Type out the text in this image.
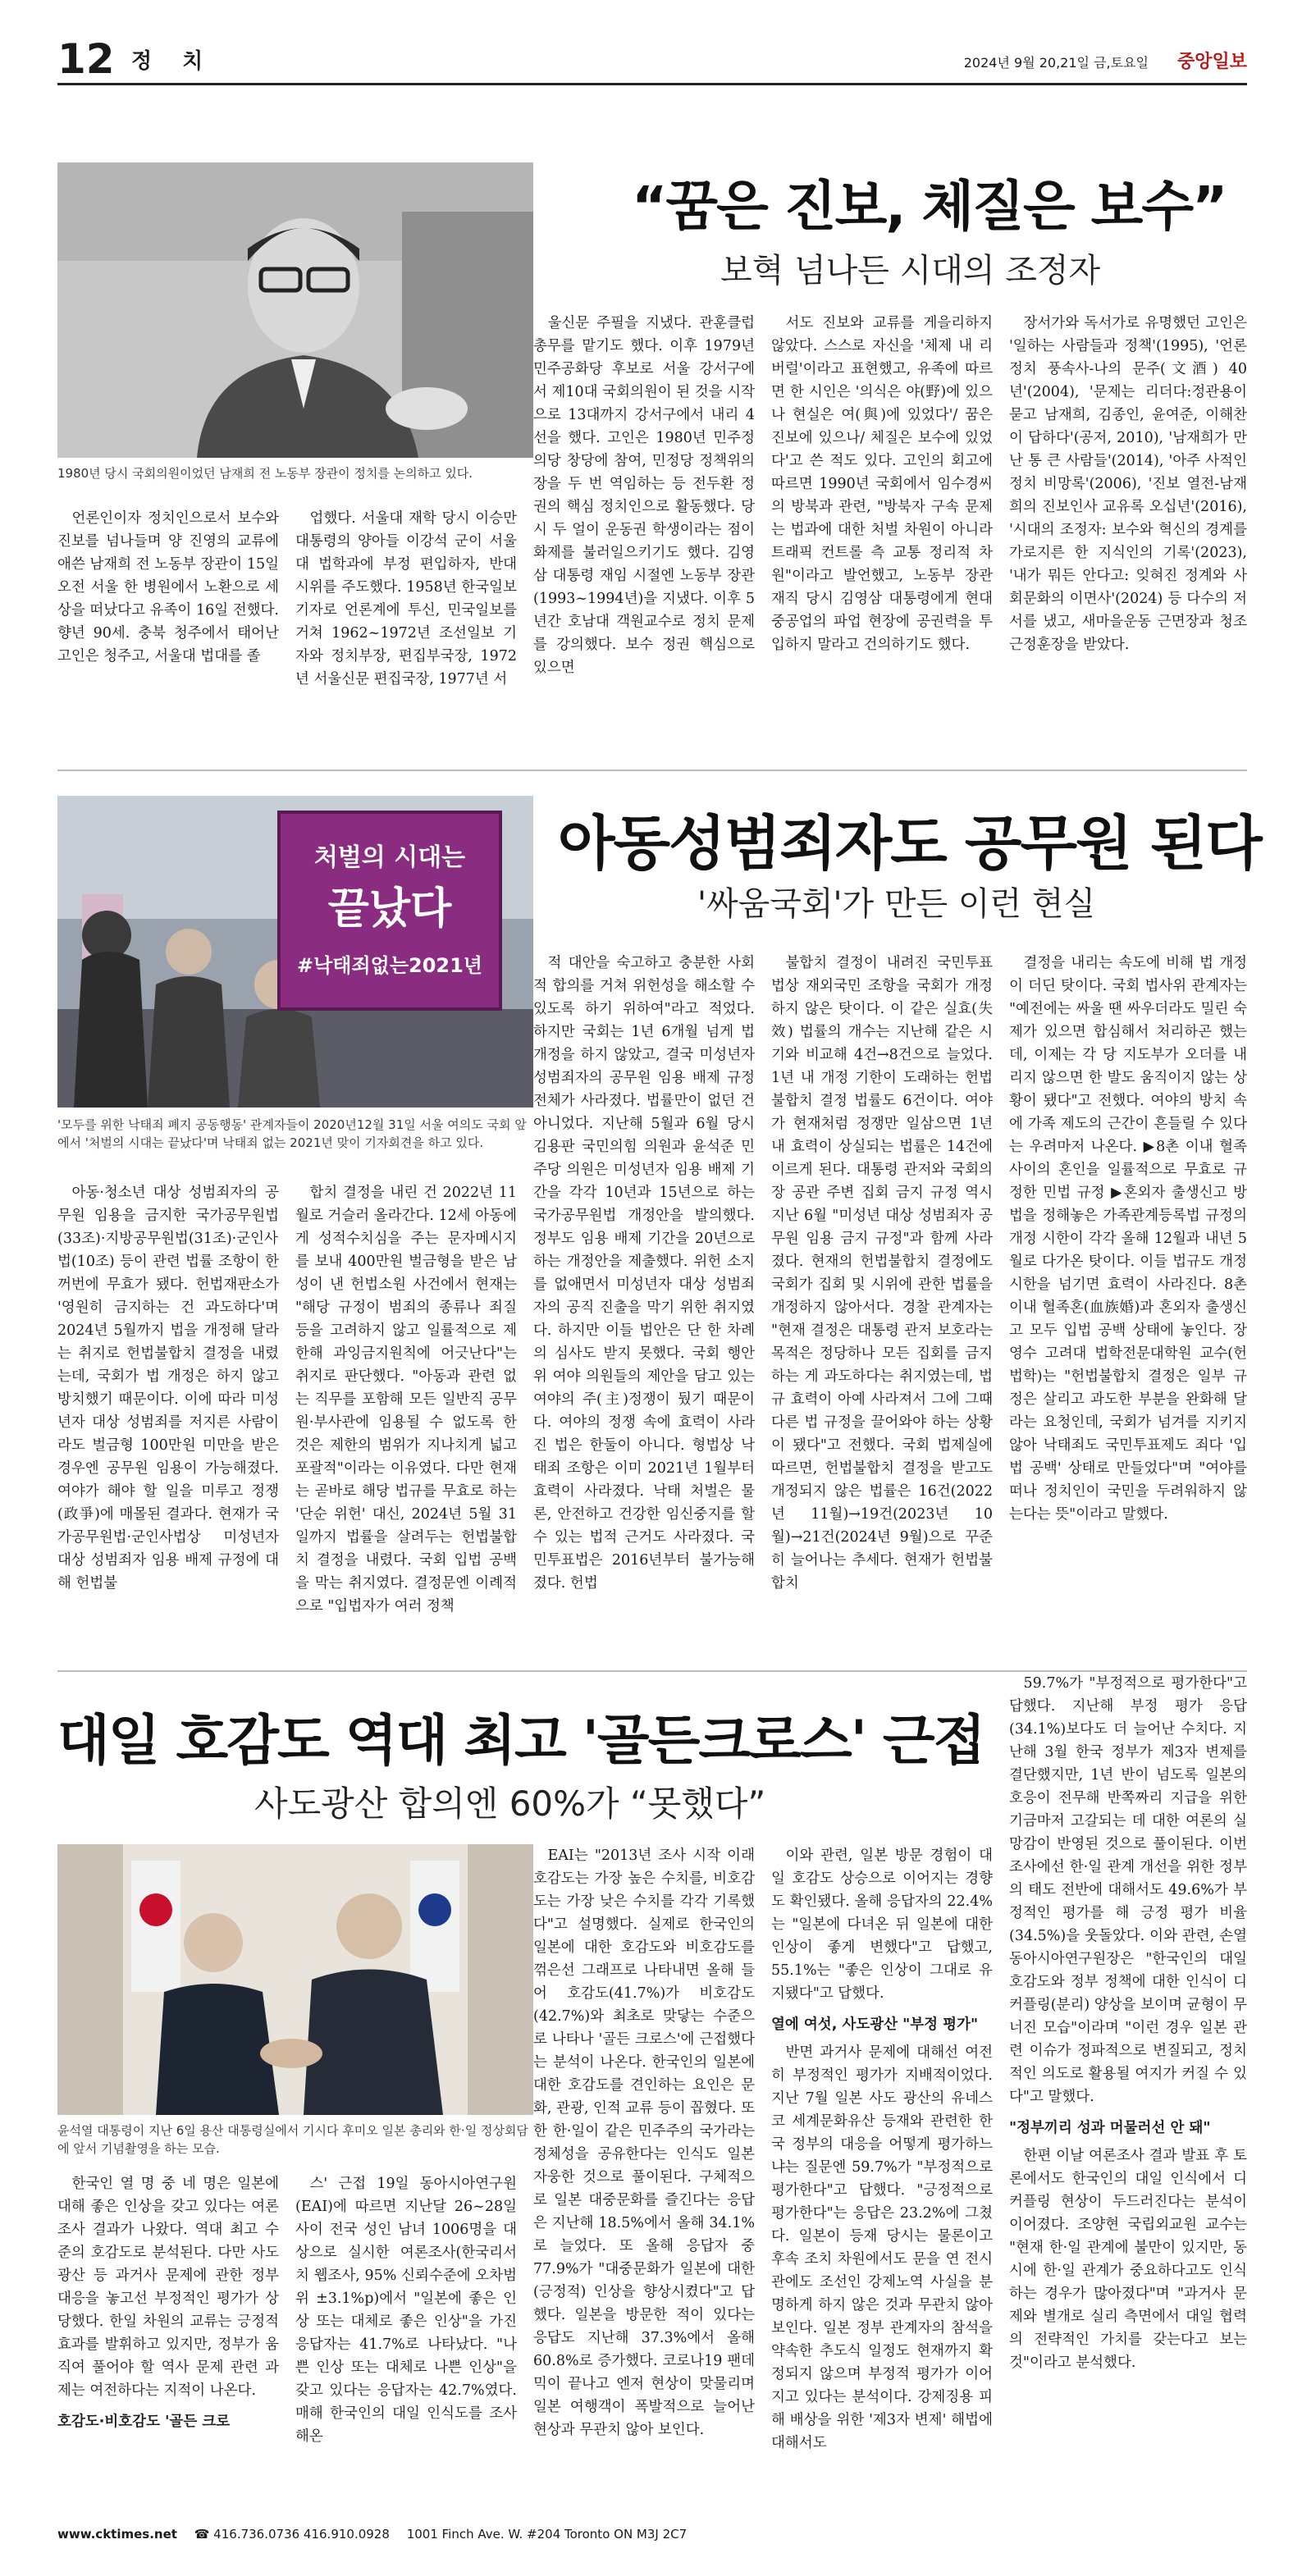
12 정 치	2024년 9월 20,21일 금,토요일 중앙일보
1980년 당시 국회의원이었던 남재희 전 노동부 장관이 정치를 논의하고 있다.
“꿈은 진보, 체질은 보수”
보혁 넘나든 시대의 조정자

언론인이자 정치인으로서 보수와 진보를 넘나들며 양 진영의 교류에 애쓴 남재희 전 노동부 장관이 15일 오전 서울 한 병원에서 노환으로 세상을 떠났다고 유족이 16일 전했다. 향년 90세. 충북 청주에서 태어난 고인은 청주고, 서울대 법대를 졸

업했다. 서울대 재학 당시 이승만 대통령의 양아들 이강석 군이 서울대 법학과에 부정 편입하자, 반대 시위를 주도했다. 1958년 한국일보 기자로 언론계에 투신, 민국일보를 거쳐 1962~1972년 조선일보 기자와 정치부장, 편집부국장, 1972년 서울신문 편집국장, 1977년 서

울신문 주필을 지냈다. 관훈클럽 총무를 맡기도 했다. 이후 1979년 민주공화당 후보로 서울 강서구에서 제10대 국회의원이 된 것을 시작으로 13대까지 강서구에서 내리 4선을 했다. 고인은 1980년 민주정의당 창당에 참여, 민정당 정책위의장을 두 번 역임하는 등 전두환 정권의 핵심 정치인으로 활동했다. 당시 두 얼이 운동권 학생이라는 점이 화제를 불러일으키기도 했다. 김영삼 대통령 재임 시절엔 노동부 장관(1993~1994년)을 지냈다. 이후 5년간 호남대 객원교수로 정치 문제를 강의했다. 보수 정권 핵심으로 있으면

서도 진보와 교류를 게을리하지 않았다. 스스로 자신을 '체제 내 리버럴'이라고 표현했고, 유족에 따르면 한 시인은 '의식은 야(野)에 있으나 현실은 여(與)에 있었다'/ 꿈은 진보에 있으나/ 체질은 보수에 있었다'고 쓴 적도 있다. 고인의 회고에 따르면 1990년 국회에서 임수경씨의 방북과 관련, "방북자 구속 문제는 법과에 대한 처벌 차원이 아니라 트래픽 컨트롤 측 교통 정리적 차원"이라고 발언했고, 노동부 장관 재직 당시 김영삼 대통령에게 현대중공업의 파업 현장에 공권력을 투입하지 말라고 건의하기도 했다.

장서가와 독서가로 유명했던 고인은 '일하는 사람들과 정책'(1995), '언론 정치 풍속사-나의 문주(文酒) 40년'(2004), '문제는 리더다:정관용이 묻고 남재희, 김종인, 윤여준, 이해찬이 답하다'(공저, 2010), '남재희가 만난 통 큰 사람들'(2014), '아주 사적인 정치 비망록'(2006), '진보 열전-남재희의 진보인사 교유록 오십년'(2016), '시대의 조정자: 보수와 혁신의 경계를 가로지른 한 지식인의 기록'(2023), '내가 뭐든 안다고: 잊혀진 정계와 사회문화의 이면사'(2024) 등 다수의 저서를 냈고, 새마을운동 근면장과 청조근정훈장을 받았다.

처벌의 시대는
끝났다
#낙태죄없는2021년
'모두를 위한 낙태죄 폐지 공동행동' 관계자들이 2020년12월 31일 서울 여의도 국회 앞에서 '처벌의 시대는 끝났다'며 낙태죄 없는 2021년 맞이 기자회견을 하고 있다.
아동성범죄자도 공무원 된다
'싸움국회'가 만든 이런 현실

아동·청소년 대상 성범죄자의 공무원 임용을 금지한 국가공무원법(33조)·지방공무원법(31조)·군인사법(10조) 등이 관련 법률 조항이 한꺼번에 무효가 됐다. 헌법재판소가 '영원히 금지하는 건 과도하다'며 2024년 5월까지 법을 개정해 달라는 취지로 헌법불합치 결정을 내렸는데, 국회가 법 개정은 하지 않고 방치했기 때문이다. 이에 따라 미성년자 대상 성범죄를 저지른 사람이라도 벌금형 100만원 미만을 받은 경우엔 공무원 임용이 가능해졌다. 여야가 해야 할 일을 미루고 정쟁(政爭)에 매몰된 결과다. 현재가 국가공무원법·군인사법상 미성년자 대상 성범죄자 임용 배제 규정에 대해 헌법불

합치 결정을 내린 건 2022년 11월로 거슬러 올라간다. 12세 아동에게 성적수치심을 주는 문자메시지를 보내 400만원 벌금형을 받은 남성이 낸 헌법소원 사건에서 현재는 "해당 규정이 범죄의 종류나 죄질 등을 고려하지 않고 일률적으로 제한해 과잉금지원칙에 어긋난다"는 취지로 판단했다. "아동과 관련 없는 직무를 포함해 모든 일반직 공무원·부사관에 임용될 수 없도록 한 것은 제한의 범위가 지나치게 넓고 포괄적"이라는 이유였다. 다만 현재는 곧바로 해당 법규를 무효로 하는 '단순 위헌' 대신, 2024년 5월 31일까지 법률을 살려두는 헌법불합치 결정을 내렸다. 국회 입법 공백을 막는 취지였다. 결정문엔 이례적으로 "입법자가 여러 정책

적 대안을 숙고하고 충분한 사회적 합의를 거쳐 위헌성을 해소할 수 있도록 하기 위하여"라고 적었다. 하지만 국회는 1년 6개월 넘게 법 개정을 하지 않았고, 결국 미성년자 성범죄자의 공무원 임용 배제 규정 전체가 사라졌다. 법률만이 없던 건 아니었다. 지난해 5월과 6월 당시 김용판 국민의힘 의원과 윤석준 민주당 의원은 미성년자 임용 배제 기간을 각각 10년과 15년으로 하는 국가공무원법 개정안을 발의했다. 정부도 임용 배제 기간을 20년으로 하는 개정안을 제출했다. 위헌 소지를 없애면서 미성년자 대상 성범죄자의 공직 진출을 막기 위한 취지였다. 하지만 이들 법안은 단 한 차례의 심사도 받지 못했다. 국회 행안위 여야 의원들의 제안을 담고 있는 여야의 주(主)정쟁이 뒀기 때문이다. 여야의 정쟁 속에 효력이 사라진 법은 한둘이 아니다. 형법상 낙태죄 조항은 이미 2021년 1월부터 효력이 사라졌다. 낙태 처벌은 물론, 안전하고 건강한 임신중지를 할 수 있는 법적 근거도 사라졌다. 국민투표법은 2016년부터 불가능해졌다. 헌법

불합치 결정이 내려진 국민투표법상 재외국민 조항을 국회가 개정하지 않은 탓이다. 이 같은 실효(失效) 법률의 개수는 지난해 같은 시기와 비교해 4건→8건으로 늘었다. 1년 내 개정 기한이 도래하는 헌법불합치 결정 법률도 6건이다. 여야가 현재처럼 정쟁만 일삼으면 1년 내 효력이 상실되는 법률은 14건에 이르게 된다. 대통령 관저와 국회의장 공관 주변 집회 금지 규정 역시 지난 6월 "미성년 대상 성범죄자 공무원 임용 금지 규정"과 함께 사라졌다. 현재의 헌법불합치 결정에도 국회가 집회 및 시위에 관한 법률을 개정하지 않아서다. 경찰 관계자는 "현재 결정은 대통령 관저 보호라는 목적은 정당하나 모든 집회를 금지하는 게 과도하다는 취지였는데, 법규 효력이 아예 사라져서 그에 그때 다른 법 규정을 끌어와야 하는 상황이 됐다"고 전했다. 국회 법제실에 따르면, 헌법불합치 결정을 받고도 개정되지 않은 법률은 16건(2022년 11월)→19건(2023년 10월)→21건(2024년 9월)으로 꾸준히 늘어나는 추세다. 현재가 헌법불합치

결정을 내리는 속도에 비해 법 개정이 더딘 탓이다. 국회 법사위 관계자는 "예전에는 싸울 땐 싸우더라도 밀린 숙제가 있으면 합심해서 처리하곤 했는데, 이제는 각 당 지도부가 오더를 내리지 않으면 한 발도 움직이지 않는 상황이 됐다"고 전했다. 여야의 방치 속에 가족 제도의 근간이 흔들릴 수 있다는 우려마저 나온다. ▶8촌 이내 혈족 사이의 혼인을 일률적으로 무효로 규정한 민법 규정 ▶혼외자 출생신고 방법을 정해놓은 가족관계등록법 규정의 개정 시한이 각각 올해 12월과 내년 5월로 다가온 탓이다. 이들 법규도 개정 시한을 넘기면 효력이 사라진다. 8촌 이내 혈족혼(血族婚)과 혼외자 출생신고 모두 입법 공백 상태에 놓인다. 장영수 고려대 법학전문대학원 교수(헌법학)는 "헌법불합치 결정은 일부 규정은 살리고 과도한 부분을 완화해 달라는 요청인데, 국회가 넘겨를 지키지 않아 낙태죄도 국민투표제도 죄다 '입법 공백' 상태로 만들었다"며 "여야를 떠나 정치인이 국민을 두려워하지 않는다는 뜻"이라고 말했다.

대일 호감도 역대 최고 '골든크로스' 근접
사도광산 합의엔 60%가 “못했다”
윤석열 대통령이 지난 6일 용산 대통령실에서 기시다 후미오 일본 총리와 한·일 정상회담에 앞서 기념촬영을 하는 모습.

한국인 열 명 중 네 명은 일본에 대해 좋은 인상을 갖고 있다는 여론조사 결과가 나왔다. 역대 최고 수준의 호감도로 분석된다. 다만 사도 광산 등 과거사 문제에 관한 정부 대응을 놓고선 부정적인 평가가 상당했다. 한일 차원의 교류는 긍정적 효과를 발휘하고 있지만, 정부가 움직여 풀어야 할 역사 문제 관련 과제는 여전하다는 지적이 나온다.

호감도·비호감도 '골든 크로

스' 근접 19일 동아시아연구원(EAI)에 따르면 지난달 26~28일 사이 전국 성인 남녀 1006명을 대상으로 실시한 여론조사(한국리서치 웹조사, 95% 신뢰수준에 오차범위 ±3.1%p)에서 "일본에 좋은 인상 또는 대체로 좋은 인상"을 가진 응답자는 41.7%로 나타났다. "나쁜 인상 또는 대체로 나쁜 인상"을 갖고 있다는 응답자는 42.7%였다. 매해 한국인의 대일 인식도를 조사해온

EAI는 "2013년 조사 시작 이래 호감도는 가장 높은 수치를, 비호감도는 가장 낮은 수치를 각각 기록했다"고 설명했다. 실제로 한국인의 일본에 대한 호감도와 비호감도를 꺾은선 그래프로 나타내면 올해 들어 호감도(41.7%)가 비호감도(42.7%)와 최초로 맞닿는 수준으로 나타나 '골든 크로스'에 근접했다는 분석이 나온다. 한국인의 일본에 대한 호감도를 견인하는 요인은 문화, 관광, 인적 교류 등이 꼽혔다. 또한 한·일이 같은 민주주의 국가라는 정체성을 공유한다는 인식도 일본 자웅한 것으로 풀이된다. 구체적으로 일본 대중문화를 즐긴다는 응답은 지난해 18.5%에서 올해 34.1%로 늘었다. 또 올해 응답자 중 77.9%가 "대중문화가 일본에 대한 (긍정적) 인상을 향상시켰다"고 답했다. 일본을 방문한 적이 있다는 응답도 지난해 37.3%에서 올해 60.8%로 증가했다. 코로나19 팬데믹이 끝나고 엔저 현상이 맞물리며 일본 여행객이 폭발적으로 늘어난 현상과 무관치 않아 보인다.

이와 관련, 일본 방문 경험이 대일 호감도 상승으로 이어지는 경향도 확인됐다. 올해 응답자의 22.4%는 "일본에 다녀온 뒤 일본에 대한 인상이 좋게 변했다"고 답했고, 55.1%는 "좋은 인상이 그대로 유지됐다"고 답했다.

열에 여섯, 사도광산 "부정 평가"

반면 과거사 문제에 대해선 여전히 부정적인 평가가 지배적이었다. 지난 7월 일본 사도 광산의 유네스코 세계문화유산 등재와 관련한 한국 정부의 대응을 어떻게 평가하느냐는 질문엔 59.7%가 "부정적으로 평가한다"고 답했다. "긍정적으로 평가한다"는 응답은 23.2%에 그쳤다. 일본이 등재 당시는 물론이고 후속 조치 차원에서도 문을 연 전시관에도 조선인 강제노역 사실을 분명하게 하지 않은 것과 무관치 않아 보인다. 일본 정부 관계자의 참석을 약속한 추도식 일정도 현재까지 확정되지 않으며 부정적 평가가 이어지고 있다는 분석이다. 강제징용 피해 배상을 위한 '제3자 변제' 해법에 대해서도

59.7%가 "부정적으로 평가한다"고 답했다. 지난해 부정 평가 응답(34.1%)보다도 더 늘어난 수치다. 지난해 3월 한국 정부가 제3자 변제를 결단했지만, 1년 반이 넘도록 일본의 호응이 전무해 반쪽짜리 지급을 위한 기금마저 고갈되는 데 대한 여론의 실망감이 반영된 것으로 풀이된다. 이번 조사에선 한·일 관계 개선을 위한 정부의 태도 전반에 대해서도 49.6%가 부정적인 평가를 해 긍정 평가 비율(34.5%)을 웃돌았다. 이와 관련, 손열 동아시아연구원장은 "한국인의 대일 호감도와 정부 정책에 대한 인식이 디커플링(분리) 양상을 보이며 균형이 무너진 모습"이라며 "이런 경우 일본 관련 이슈가 정파적으로 변질되고, 정치적인 의도로 활용될 여지가 커질 수 있다"고 말했다.

"정부끼리 성과 머물러선 안 돼"

한편 이날 여론조사 결과 발표 후 토론에서도 한국인의 대일 인식에서 디커플링 현상이 두드러진다는 분석이 이어졌다. 조양현 국립외교원 교수는 "현재 한·일 관계에 불만이 있지만, 동시에 한·일 관계가 중요하다고도 인식하는 경우가 많아졌다"며 "과거사 문제와 별개로 실리 측면에서 대일 협력의 전략적인 가치를 갖는다고 보는 것"이라고 분석했다.

www.cktimes.net ☎ 416.736.0736 416.910.0928 1001 Finch Ave. W. #204 Toronto ON M3J 2C7
